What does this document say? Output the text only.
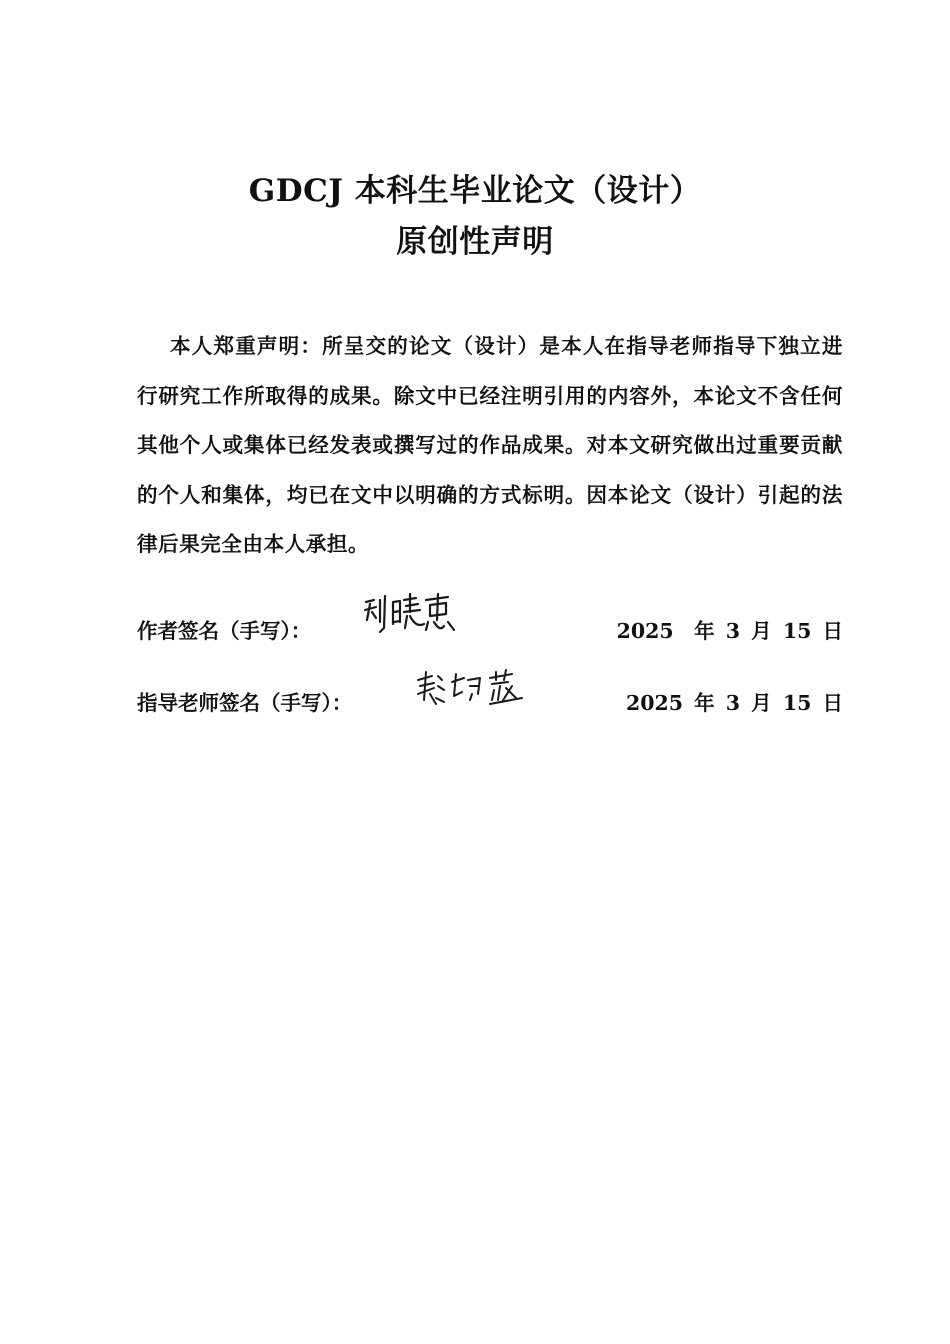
GDCJ 本科生毕业论文（设计）
原创性声明
本人郑重声明：所呈交的论文（设计）是本人在指导老师指导下独立进行研究工作所取得的成果。除文中已经注明引用的内容外，本论文不含任何其他个人或集体已经发表或撰写过的作品成果。对本文研究做出过重要贡献的个人和集体，均已在文中以明确的方式标明。因本论文（设计）引起的法律后果完全由本人承担。
作者签名（手写）：	2025　年 3 月 15 日
指导老师签名（手写）：	2025 年 3 月 15 日
